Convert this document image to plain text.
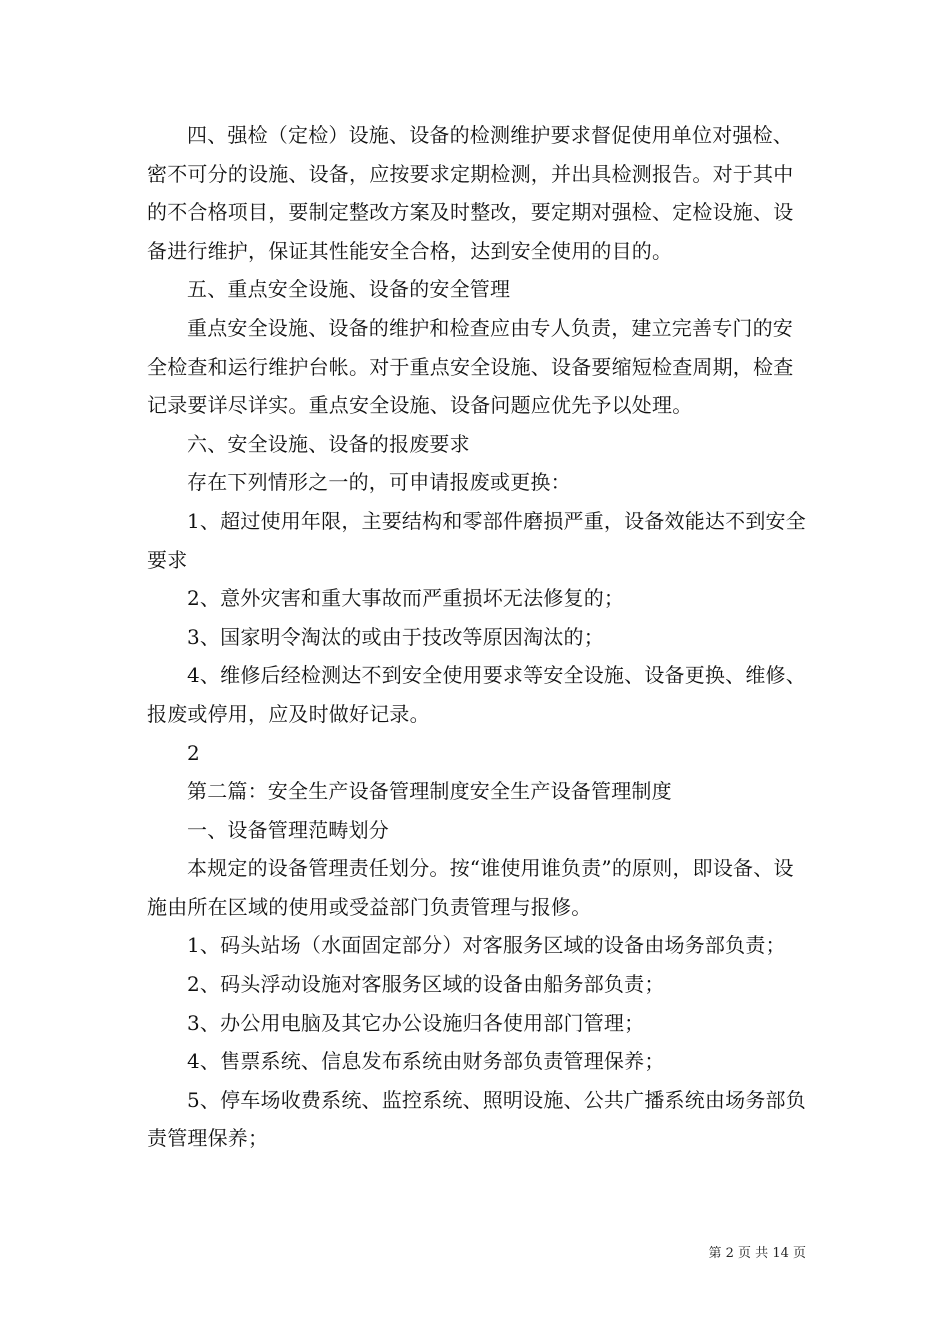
四、强检（定检）设施、设备的检测维护要求督促使用单位对强检、密不可分的设施、设备，应按要求定期检测，并出具检测报告。对于其中的不合格项目，要制定整改方案及时整改，要定期对强检、定检设施、设备进行维护，保证其性能安全合格，达到安全使用的目的。

五、重点安全设施、设备的安全管理

重点安全设施、设备的维护和检查应由专人负责，建立完善专门的安全检查和运行维护台帐。对于重点安全设施、设备要缩短检查周期，检查记录要详尽详实。重点安全设施、设备问题应优先予以处理。

六、安全设施、设备的报废要求

存在下列情形之一的，可申请报废或更换：

1、超过使用年限，主要结构和零部件磨损严重，设备效能达不到安全要求

2、意外灾害和重大事故而严重损坏无法修复的；

3、国家明令淘汰的或由于技改等原因淘汰的；

4、维修后经检测达不到安全使用要求等安全设施、设备更换、维修、报废或停用，应及时做好记录。

2

第二篇：安全生产设备管理制度安全生产设备管理制度

一、设备管理范畴划分

本规定的设备管理责任划分。按“谁使用谁负责”的原则，即设备、设施由所在区域的使用或受益部门负责管理与报修。

1、码头站场（水面固定部分）对客服务区域的设备由场务部负责；

2、码头浮动设施对客服务区域的设备由船务部负责；

3、办公用电脑及其它办公设施归各使用部门管理；

4、售票系统、信息发布系统由财务部负责管理保养；

5、停车场收费系统、监控系统、照明设施、公共广播系统由场务部负责管理保养；

第 2 页 共 14 页
